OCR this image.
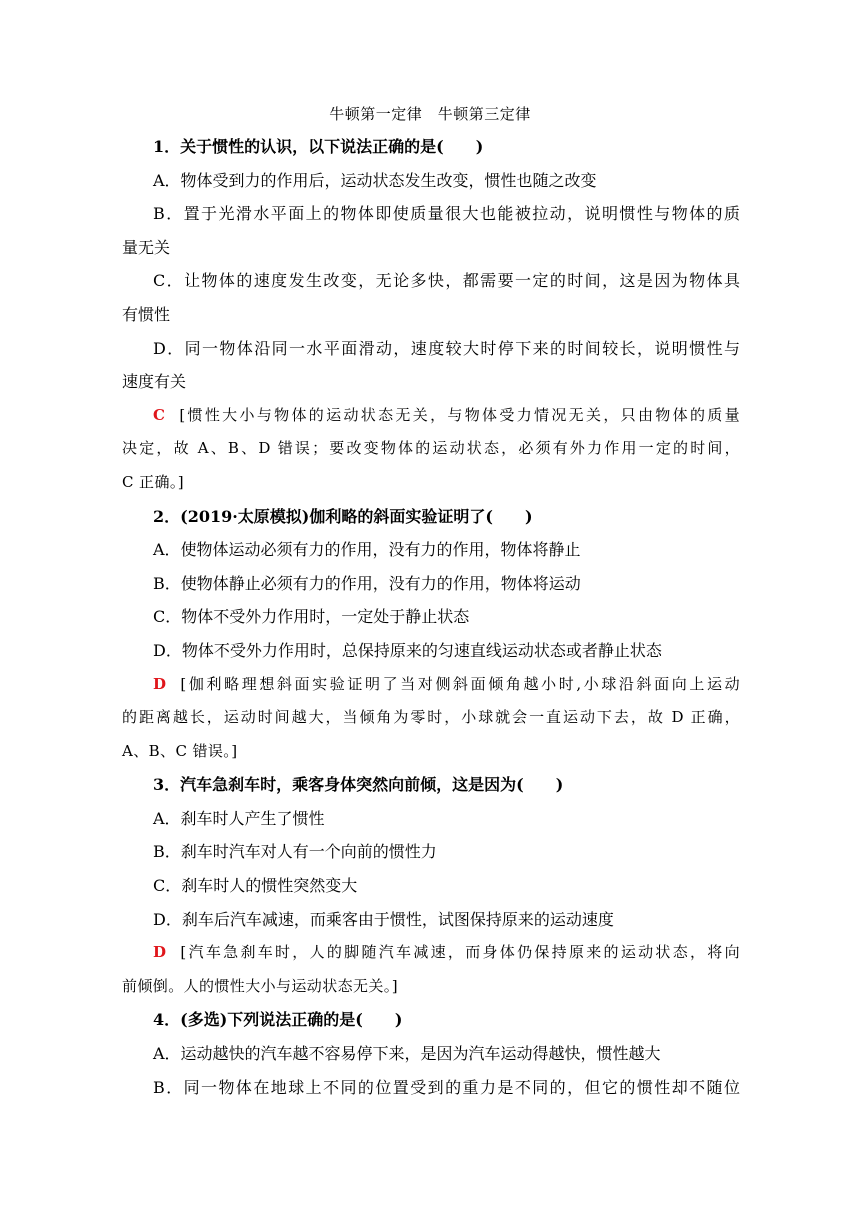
牛顿第一定律　牛顿第三定律
1．关于惯性的认识，以下说法正确的是(　　)
A．物体受到力的作用后，运动状态发生改变，惯性也随之改变
B．置于光滑水平面上的物体即使质量很大也能被拉动，说明惯性与物体的质
量无关
C．让物体的速度发生改变，无论多快，都需要一定的时间，这是因为物体具
有惯性
D．同一物体沿同一水平面滑动，速度较大时停下来的时间较长，说明惯性与
速度有关
C [惯性大小与物体的运动状态无关，与物体受力情况无关，只由物体的质量
决定，故 A、B、D 错误；要改变物体的运动状态，必须有外力作用一定的时间，
C 正确。]
2．(2019·太原模拟)伽利略的斜面实验证明了(　　)
A．使物体运动必须有力的作用，没有力的作用，物体将静止
B．使物体静止必须有力的作用，没有力的作用，物体将运动
C．物体不受外力作用时，一定处于静止状态
D．物体不受外力作用时，总保持原来的匀速直线运动状态或者静止状态
D [伽利略理想斜面实验证明了当对侧斜面倾角越小时,小球沿斜面向上运动
的距离越长，运动时间越大，当倾角为零时，小球就会一直运动下去，故 D 正确，
A、B、C 错误。]
3．汽车急刹车时，乘客身体突然向前倾，这是因为(　　)
A．刹车时人产生了惯性
B．刹车时汽车对人有一个向前的惯性力
C．刹车时人的惯性突然变大
D．刹车后汽车减速，而乘客由于惯性，试图保持原来的运动速度
D [汽车急刹车时，人的脚随汽车减速，而身体仍保持原来的运动状态，将向
前倾倒。人的惯性大小与运动状态无关。]
4．(多选)下列说法正确的是(　　)
A．运动越快的汽车越不容易停下来，是因为汽车运动得越快，惯性越大
B．同一物体在地球上不同的位置受到的重力是不同的，但它的惯性却不随位
